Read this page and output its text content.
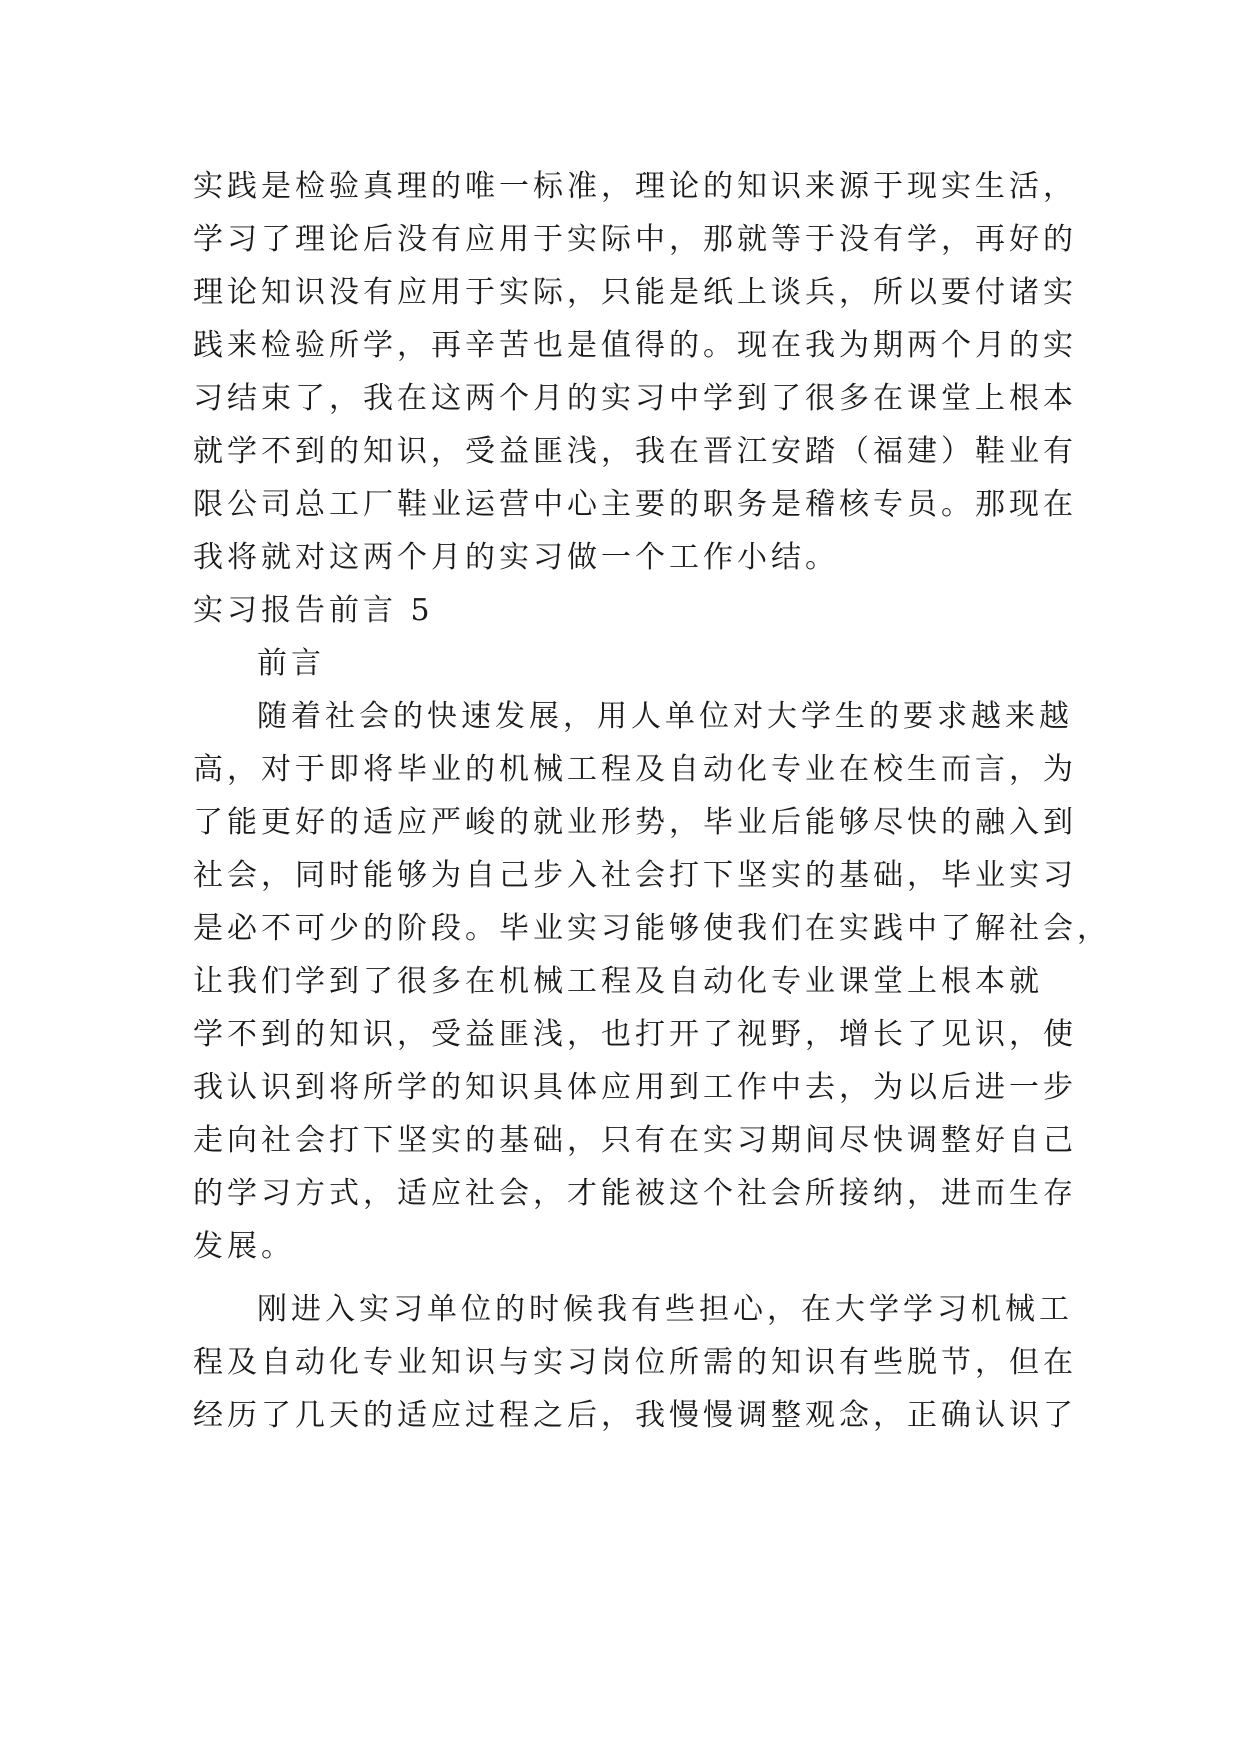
实践是检验真理的唯一标准，理论的知识来源于现实生活，
学习了理论后没有应用于实际中，那就等于没有学，再好的
理论知识没有应用于实际，只能是纸上谈兵，所以要付诸实
践来检验所学，再辛苦也是值得的。现在我为期两个月的实
习结束了，我在这两个月的实习中学到了很多在课堂上根本
就学不到的知识，受益匪浅，我在晋江安踏（福建）鞋业有
限公司总工厂鞋业运营中心主要的职务是稽核专员。那现在
我将就对这两个月的实习做一个工作小结。
实习报告前言 5
前言
随着社会的快速发展，用人单位对大学生的要求越来越
高，对于即将毕业的机械工程及自动化专业在校生而言，为
了能更好的适应严峻的就业形势，毕业后能够尽快的融入到
社会，同时能够为自己步入社会打下坚实的基础，毕业实习
是必不可少的阶段。毕业实习能够使我们在实践中了解社会，
让我们学到了很多在机械工程及自动化专业课堂上根本就
学不到的知识，受益匪浅，也打开了视野，增长了见识，使
我认识到将所学的知识具体应用到工作中去，为以后进一步
走向社会打下坚实的基础，只有在实习期间尽快调整好自己
的学习方式，适应社会，才能被这个社会所接纳，进而生存
发展。
刚进入实习单位的时候我有些担心，在大学学习机械工
程及自动化专业知识与实习岗位所需的知识有些脱节，但在
经历了几天的适应过程之后，我慢慢调整观念，正确认识了
